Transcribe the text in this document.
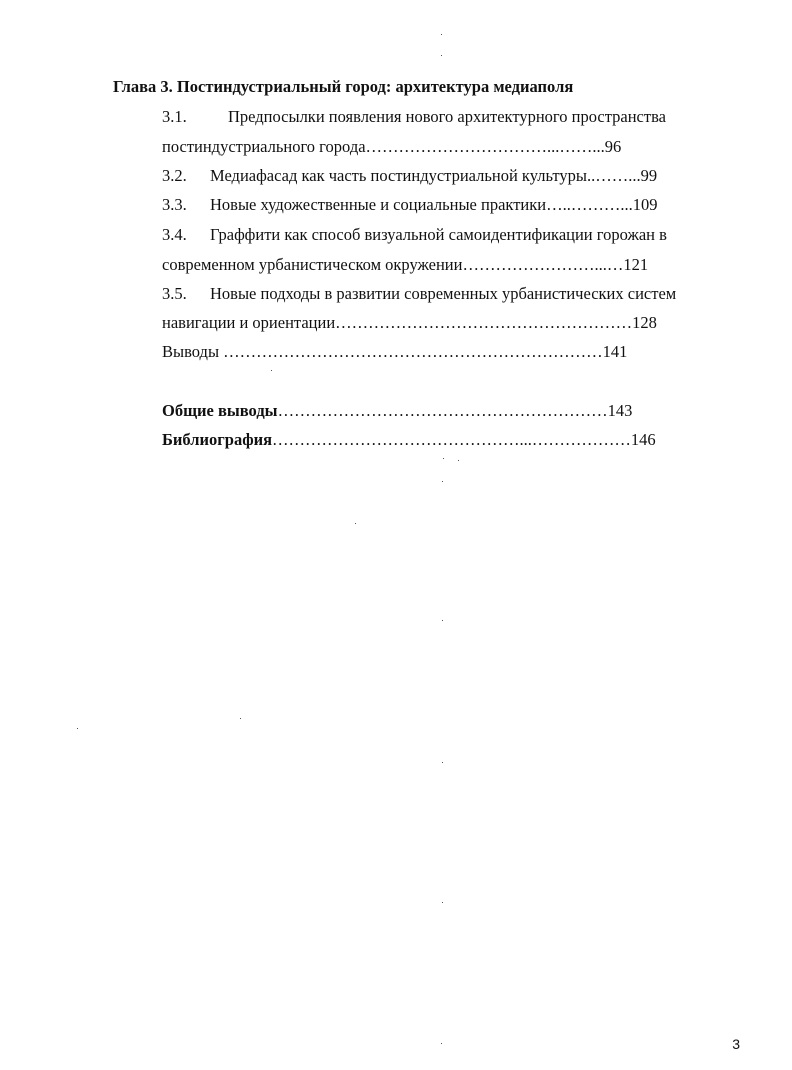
Глава 3. Постиндустриальный город: архитектура медиаполя
3.1.	Предпосылки появления нового архитектурного пространства
постиндустриального города……………………………...……...96
3.2. Медиафасад как часть постиндустриальной культуры..……...99
3.3. Новые художественные и социальные практики…..………...109
3.4. Граффити как способ визуальной самоидентификации горожан в
современном урбанистическом окружении……………………...…121
3.5. Новые подходы в развитии современных урбанистических систем
навигации и ориентации………………………………………………128
Выводы ……………………………………………………………141
Общие выводы……………………………………………………143
Библиография………………………………………...………………146
3
